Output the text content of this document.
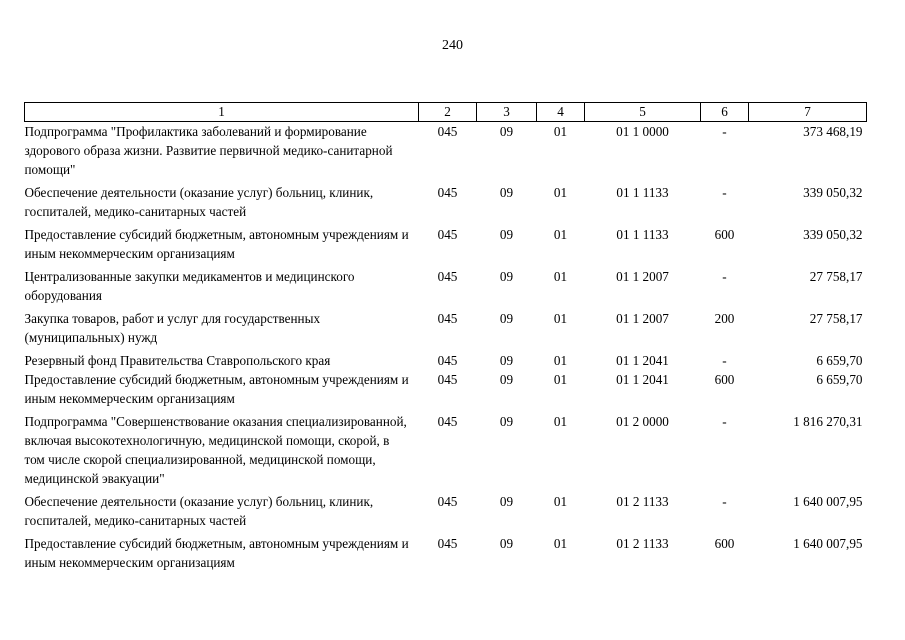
240
1	2	3	4	5	6	7
Подпрограмма "Профилактика заболеваний и формирование здорового образа жизни. Развитие первичной медико-санитарной помощи"	045	09	01	01 1 0000	-	373 468,19
Обеспечение деятельности (оказание услуг) больниц, клиник, госпиталей, медико-санитарных частей	045	09	01	01 1 1133	-	339 050,32
Предоставление субсидий бюджетным, автономным учреждениям и иным некоммерческим организациям	045	09	01	01 1 1133	600	339 050,32
Централизованные закупки медикаментов и медицинского оборудования	045	09	01	01 1 2007	-	27 758,17
Закупка товаров, работ и услуг для государственных (муниципальных) нужд	045	09	01	01 1 2007	200	27 758,17
Резервный фонд Правительства Ставропольского края	045	09	01	01 1 2041	-	6 659,70
Предоставление субсидий бюджетным, автономным учреждениям и иным некоммерческим организациям	045	09	01	01 1 2041	600	6 659,70
Подпрограмма "Совершенствование оказания специализированной, включая высокотехнологичную, медицинской помощи, скорой, в том числе скорой специализированной, медицинской помощи, медицинской эвакуации"	045	09	01	01 2 0000	-	1 816 270,31
Обеспечение деятельности (оказание услуг) больниц, клиник, госпиталей, медико-санитарных частей	045	09	01	01 2 1133	-	1 640 007,95
Предоставление субсидий бюджетным, автономным учреждениям и иным некоммерческим организациям	045	09	01	01 2 1133	600	1 640 007,95
